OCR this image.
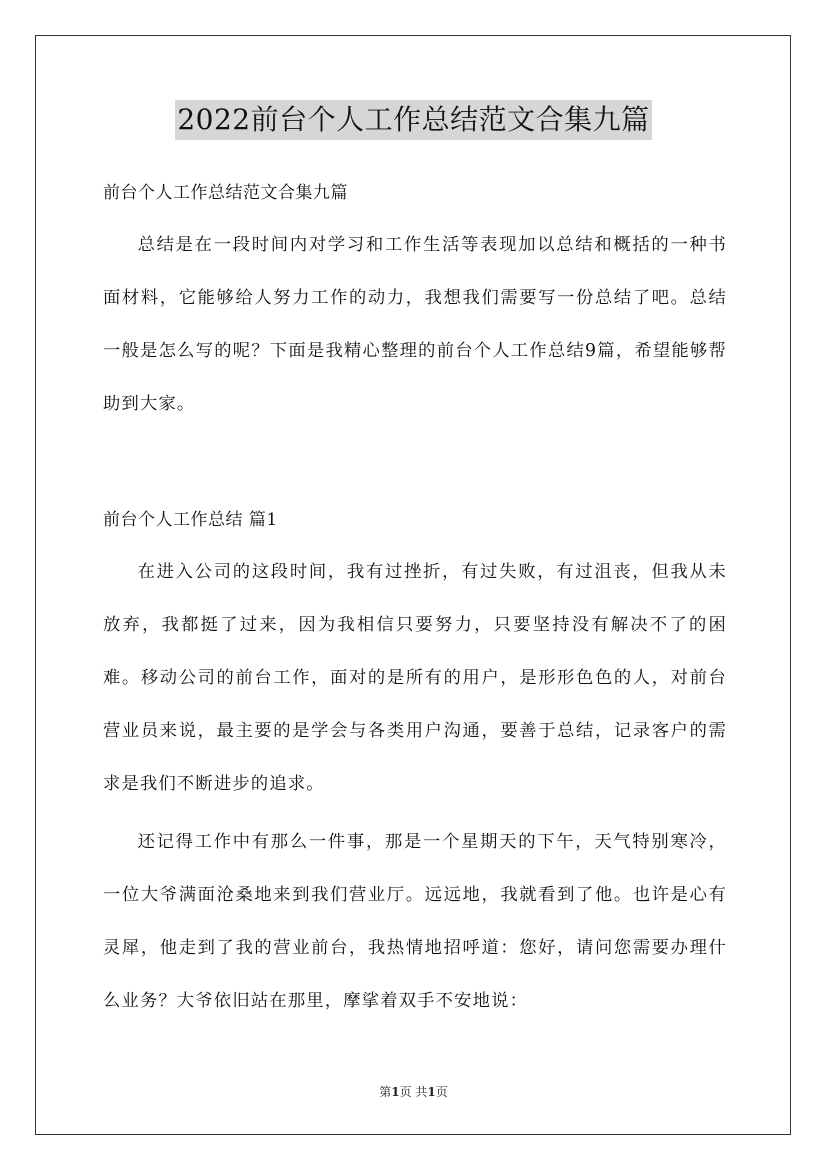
2022前台个人工作总结范文合集九篇
前台个人工作总结范文合集九篇

总结是在一段时间内对学习和工作生活等表现加以总结和概括的一种书面材料，它能够给人努力工作的动力，我想我们需要写一份总结了吧。总结一般是怎么写的呢？下面是我精心整理的前台个人工作总结9篇，希望能够帮助到大家。

前台个人工作总结 篇1

在进入公司的这段时间，我有过挫折，有过失败，有过沮丧，但我从未放弃，我都挺了过来，因为我相信只要努力，只要坚持没有解决不了的困难。移动公司的前台工作，面对的是所有的用户，是形形色色的人，对前台营业员来说，最主要的是学会与各类用户沟通，要善于总结，记录客户的需求是我们不断进步的追求。

还记得工作中有那么一件事，那是一个星期天的下午，天气特别寒冷，一位大爷满面沧桑地来到我们营业厅。远远地，我就看到了他。也许是心有灵犀，他走到了我的营业前台，我热情地招呼道：您好，请问您需要办理什么业务？大爷依旧站在那里，摩挲着双手不安地说：

第1页 共1页
